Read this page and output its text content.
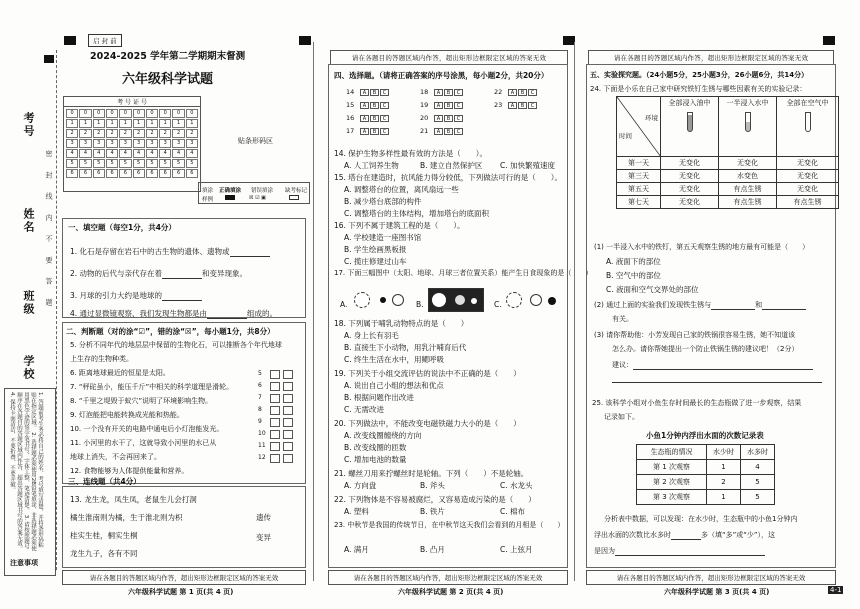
考号
姓名
班级
学校
密 封 线 内 不 要 答 题
1. 答题前考生务必将自己的姓名、考号填写清楚，并将条形码粘贴在指定区域。 2. 选择题必须使用2B铅笔填涂，非选择题必须使用黑色字迹的签字笔书写，字体工整、笔迹清楚。 3. 请按照题号顺序在各题目的答题区域内作答，超出答题区域书写的答案无效。 4. 保持卡面清洁，不要折叠、不要弄破。
注意事项
启 封 前
2024-2025 学年第二学期期末督测
六年级科学试题
考 号 证 号
0	0	0	0	0	0	0	0	0	0
1	1	1	1	1	1	1	1	1	1
2	2	2	2	2	2	2	2	2	2
3	3	3	3	3	3	3	3	3	3
4	4	4	4	4	4	4	4	4	4
5	5	5	5	5	5	5	5	5	5
6	6	6	6	6	6	6	6	6	6
贴条形码区
填涂
样例
正确填涂 错误填涂
☒ ☑ ▣
缺考标记
一、填空题（每空1分，共4分）
1. 化石是存留在岩石中的古生物的遗体、遗物或
2. 动物的后代与亲代存在着	和变异现象。
3. 月球的引力大约是地球的
4. 通过显微镜观察，我们发现生物都是由	组成的。
二、判断题（对的涂“☑”，错的涂“☒”，每小题1分，共8分）
5. 分析不同年代的地层层中保留的生物化石，可以推断各个年代地球
上生存的生物种类。
6. 距离地球最近的恒星是太阳。
7. “秤砣虽小，能压千斤”中相关的科学道理是滑轮。
8. “千里之堤毁于蚁穴”说明了环境影响生物。
9. 灯泡能把电能转换成光能和热能。
10. 一个没有开关的电路中通电后小灯泡能发光。
11. 小河里的水干了，这就导致小河里的水已从
地球上消失，不会再回来了。
12. 食物能够为人体提供能量和营养。
5
6
7
8
9
10
11
12
三、连线题（共4分）
13. 龙生龙，凤生凤，老鼠生儿会打洞
橘生淮南则为橘，生于淮北则为枳
桂实生桂，桐实生桐
龙生九子，各有不同
遗传
变异
请在各题目的答题区域内作答，超出矩形边框限定区域的答案无效
六年级科学试题 第 1 页(共 4 页)
请在各题目的答题区域内作答，超出矩形边框限定区域的答案无效
四、选择题。（请将正确答案的序号涂黑，每小题2分，共20分）
14 A B C
15 A B C
16 A B C
17 A B C
18 A B C
19 A B C
20 A B C
21 A B C
22 A B C
23 A B C
14. 保护生物多样性最有效的方法是（　　）。
A. 人工饲养生物	B. 建立自然保护区 C. 加快繁殖速度
15. 塔台在建造时，抗风能力得分较低，下列做法可行的是（　　）。
A. 调整塔台的位置，离风扇远一些
B. 减少塔台底部的构件
C. 调整塔台的主体结构，增加塔台的底面积
16. 下列不属于建筑工程的是（　　）。
A. 学校建造一座图书馆
B. 学生绘画黑板报
C. 揽庄修建过山车
17. 下面三幅图中（太阳、地球、月球三者位置关系）能产生日食现象的是（　　）
A.	B.	C.
18. 下列属于哺乳动物特点的是（　　）
A. 身上长有羽毛
B. 直接生下小动物，用乳汁哺育后代
C. 终生生活在水中，用鳃呼吸
19. 下列关于小组交流评估的说法中不正确的是（　　）
A. 说出自己小组的想法和优点
B. 根据问题作出改进
C. 无需改进
20. 下列做法中，不能改变电磁铁磁力大小的是（　　）
A. 改变线圈缠绕的方向
B. 改变线圈的匝数
C. 增加电池的数量
21. 螺丝刀用来拧螺丝时是轮轴。下列（　　）不是轮轴。
A. 方向盘	B. 斧头	C. 水龙头
22. 下列物体是不容易被腐烂，又容易造成污染的是（　　）
A. 塑料	B. 铁片	C. 棉布
23. 中秋节是我国的传统节日，在中秋节这天我们会看到的月相是（　　）
A. 满月	B. 凸月	C. 上弦月
请在各题目的答题区域内作答，超出矩形边框限定区域的答案无效
六年级科学试题 第 2 页(共 4 页)
请在各题目的答题区域内作答，超出矩形边框限定区域的答案无效
五、实验探究题。（24小题5分，25小题3分，26小题6分，共14分）
24. 下面是小乐在自己家中研究铁钉生锈与哪些因素有关的实验记录：
环境
时间	全部浸入油中	一半浸入水中	全部在空气中

第一天	无变化	无变化	无变化
第三天	无变化	水变色	无变化
第五天	无变化	有点生锈	无变化
第七天	无变化	有点生锈	有点生锈
(1) 一半浸入水中的铁钉，第五天观察生锈的地方最有可能是（　　）
A. 液面下的部位
B. 空气中的部位
C. 液面和空气交界处的部位
(2) 通过上面的实验我们发现铁生锈与	和
有关。
(3) 请你帮助他：小芳发现自己家的铁锅很容易生锈，她不知道该
怎么办。请你帮她提出一个防止铁锅生锈的建议吧！（2分）
建议：
25. 该科学小组对小鱼生存时间最长的生态瓶做了进一步观察，结果
记录如下。
小鱼1分钟内浮出水面的次数记录表
生态瓶的情况	水少时	水多时
第 1 次观察	1	4
第 2 次观察	2	5
第 3 次观察	1	5
分析表中数据，可以发现：在水少时，生态瓶中的小鱼1分钟内
浮出水面的次数比水多时	多（填“多”或“少”），这
是因为
请在各题目的答题区域内作答，超出矩形边框限定区域的答案无效
六年级科学试题 第 3 页(共 4 页)	4-1
